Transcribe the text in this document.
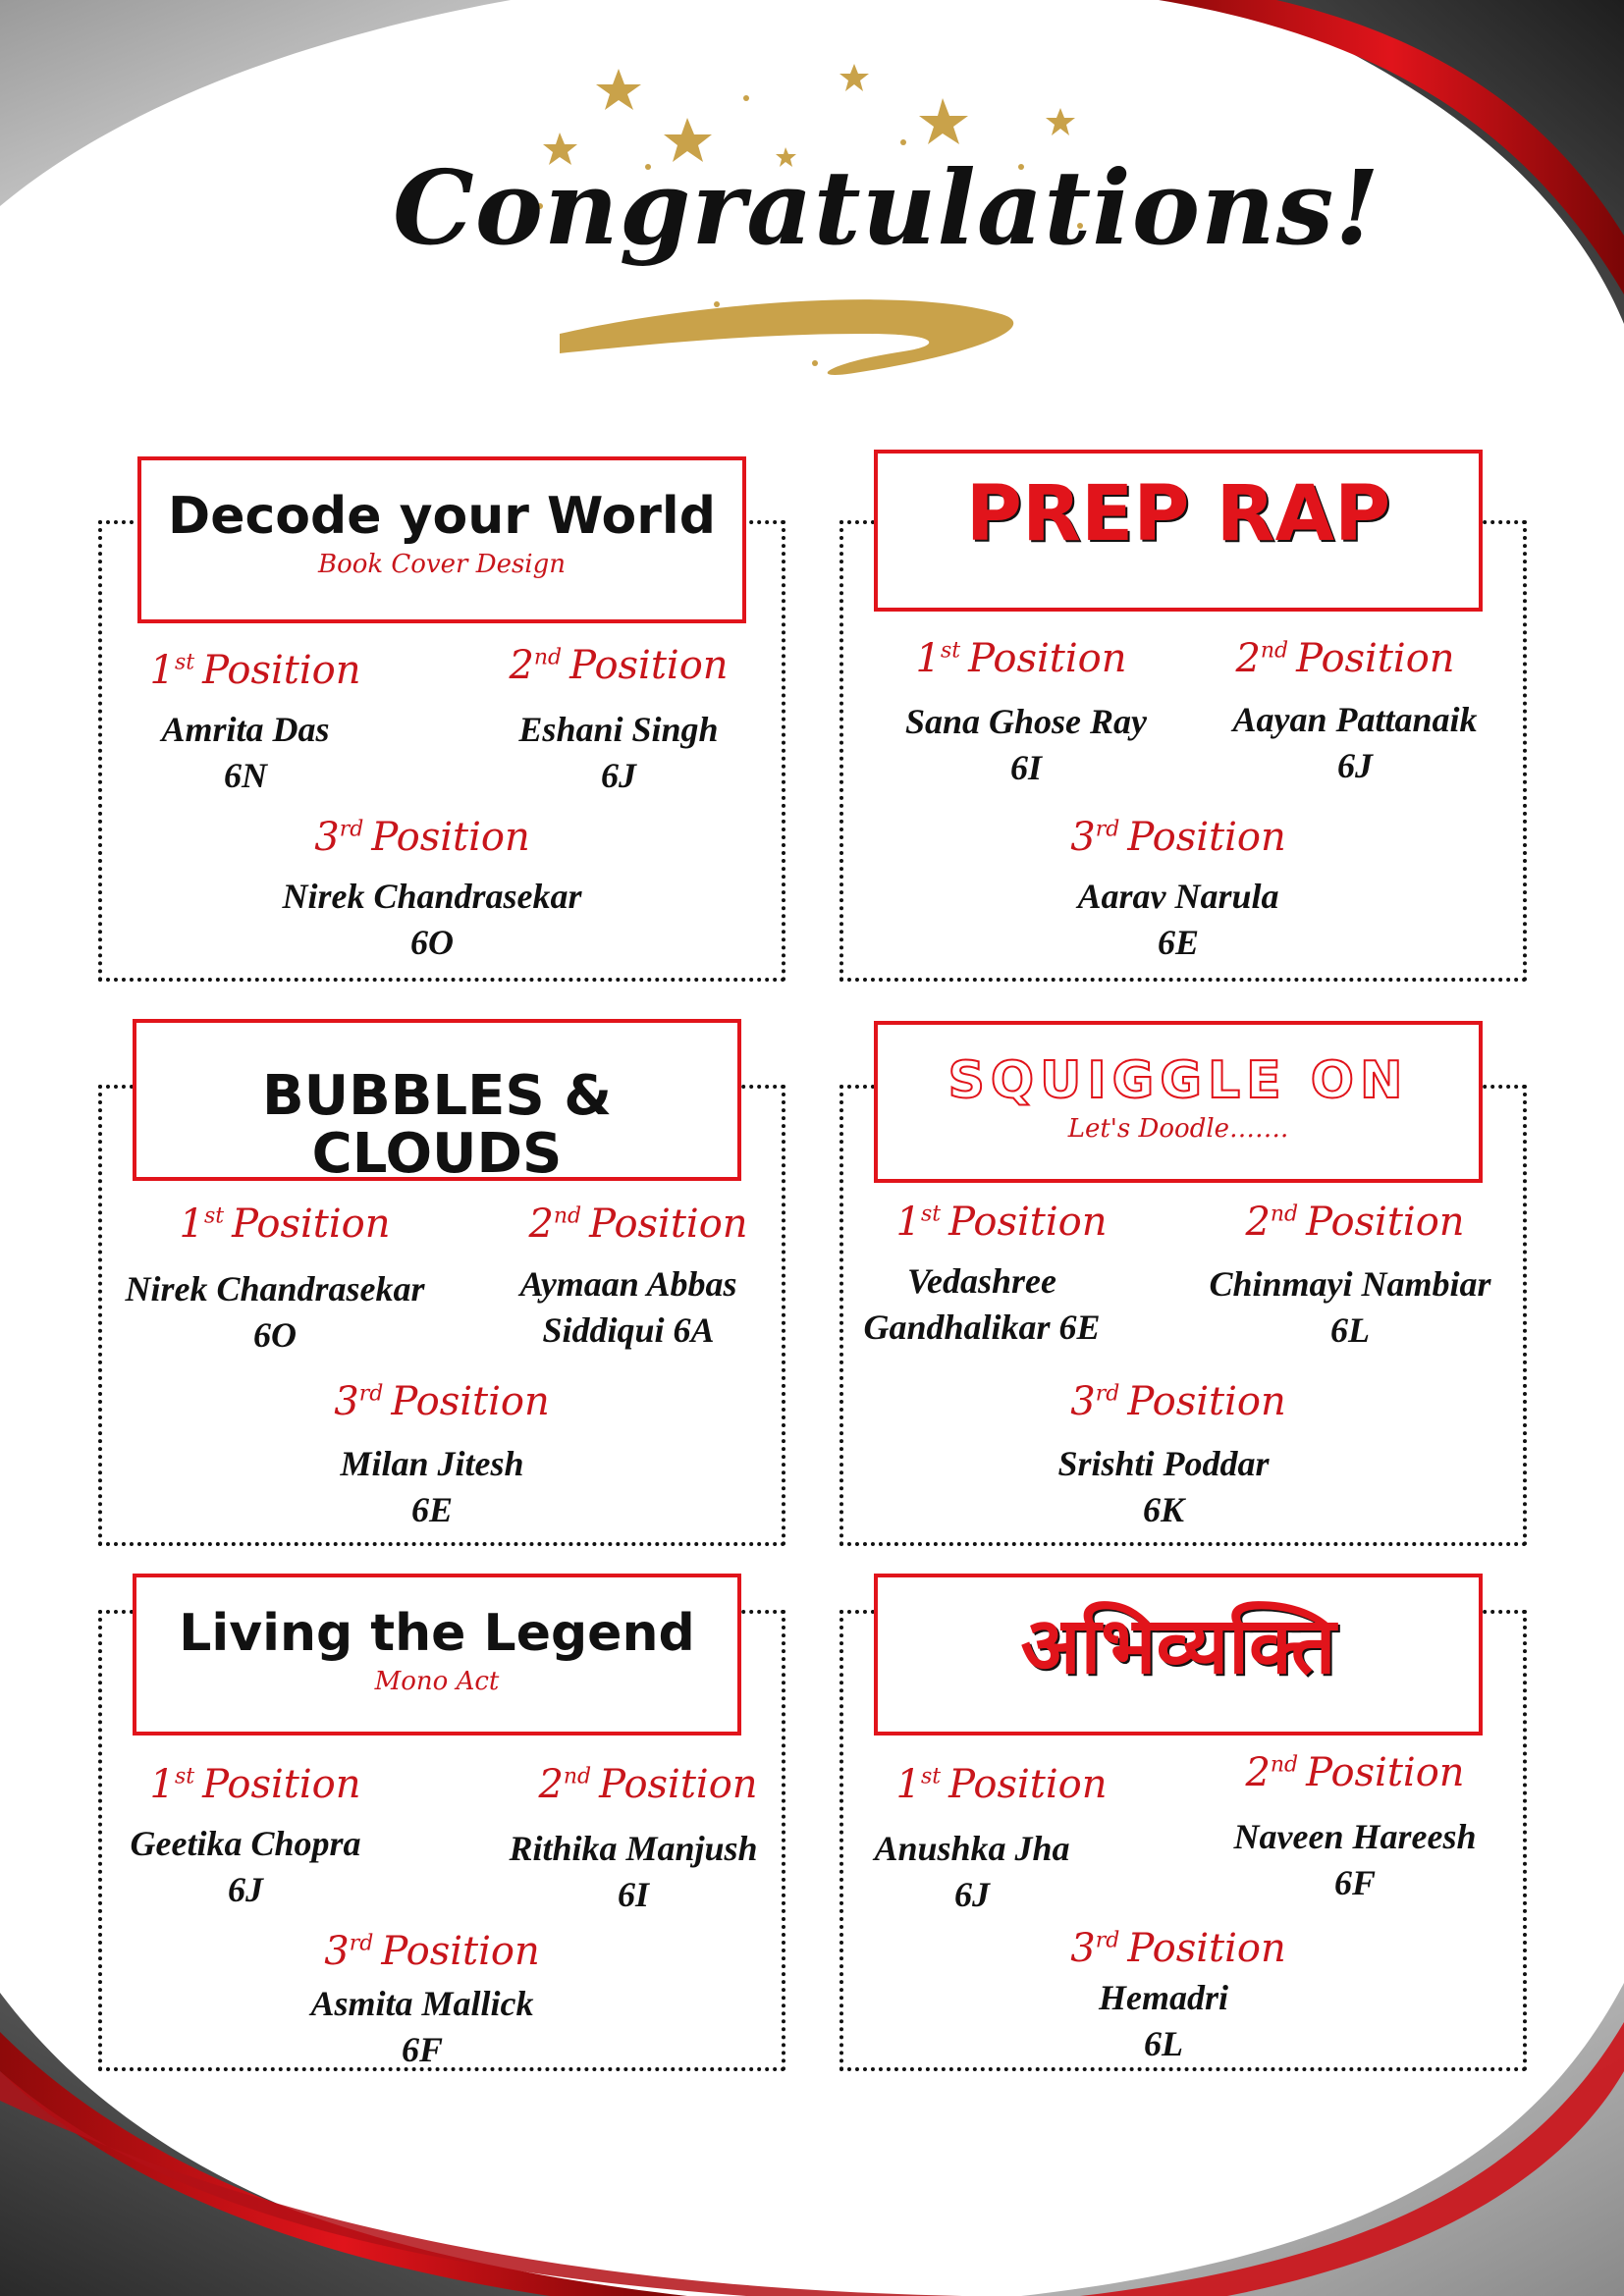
Congratulations!
Decode your World
Book Cover Design
1st Position
Amrita Das
6N
2nd Position
Eshani Singh
6J
3rd Position
Nirek Chandrasekar
6O
PREP RAP
1st Position
Sana Ghose Ray
6I
2nd Position
Aayan Pattanaik
6J
3rd Position
Aarav Narula
6E
BUBBLES & CLOUDS
1st Position
Nirek Chandrasekar
6O
2nd Position
Aymaan Abbas
Siddiqui 6A
3rd Position
Milan Jitesh
6E
SQUIGGLE ON
Let's Doodle…….
1st Position
Vedashree
Gandhalikar 6E
2nd Position
Chinmayi Nambiar
6L
3rd Position
Srishti Poddar
6K
Living the Legend
Mono Act
1st Position
Geetika Chopra
6J
2nd Position
Rithika Manjush
6I
3rd Position
Asmita Mallick
6F
अभिव्यक्ति
1st Position
Anushka Jha
6J
2nd Position
Naveen Hareesh
6F
3rd Position
Hemadri
6L
